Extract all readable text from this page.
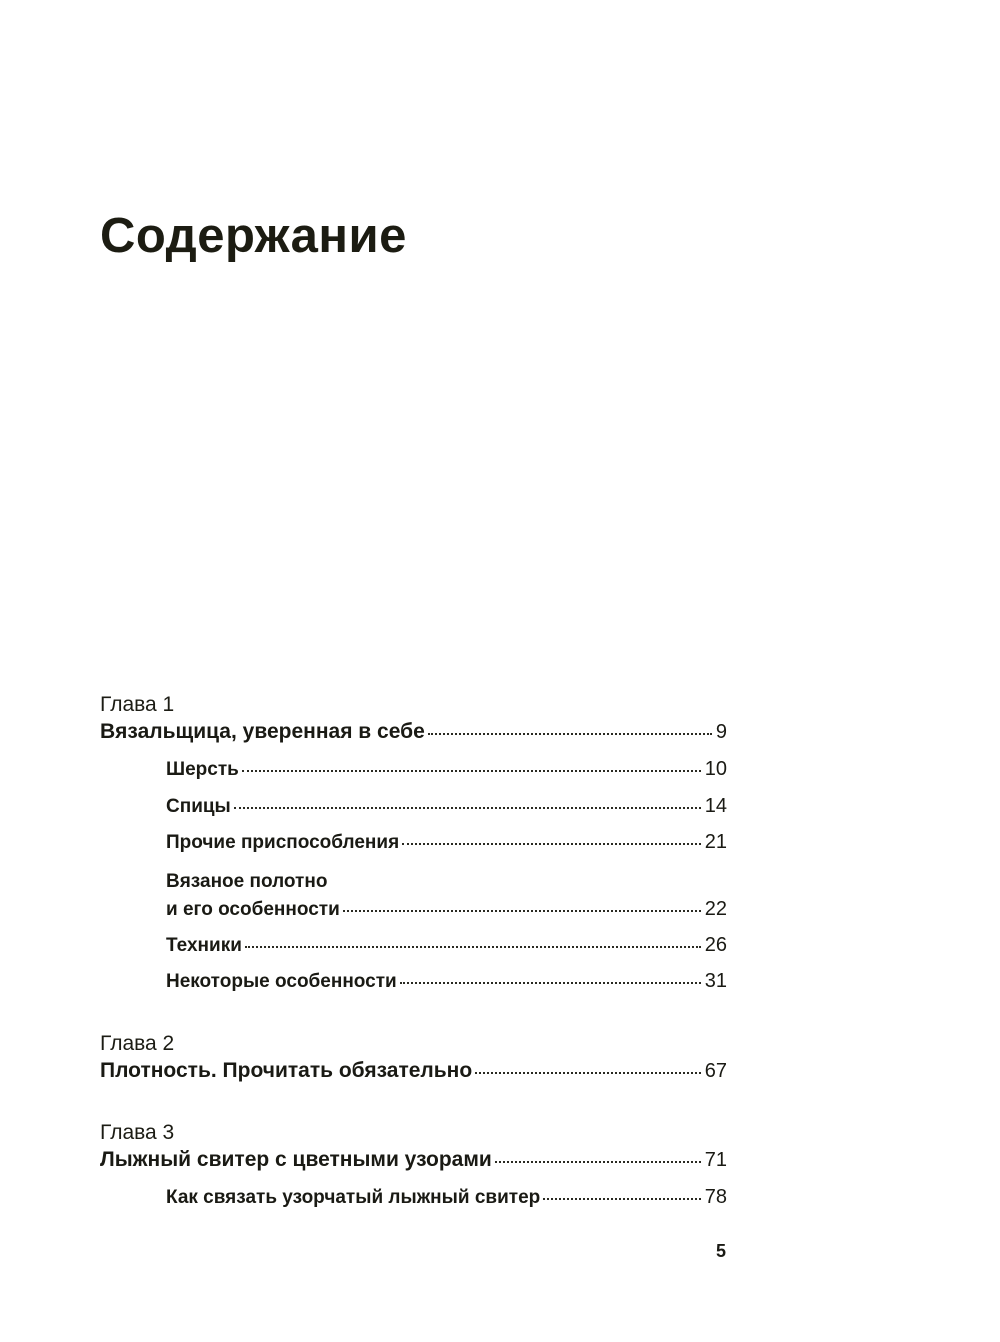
Содержание
Глава 1
Вязальщица, уверенная в себе	9
Шерсть	10
Спицы	14
Прочие приспособления	21
Вязаное полотно
и его особенности	22
Техники	26
Некоторые особенности	31
Глава 2
Плотность. Прочитать обязательно	67
Глава 3
Лыжный свитер с цветными узорами	71
Как связать узорчатый лыжный свитер	78
5
